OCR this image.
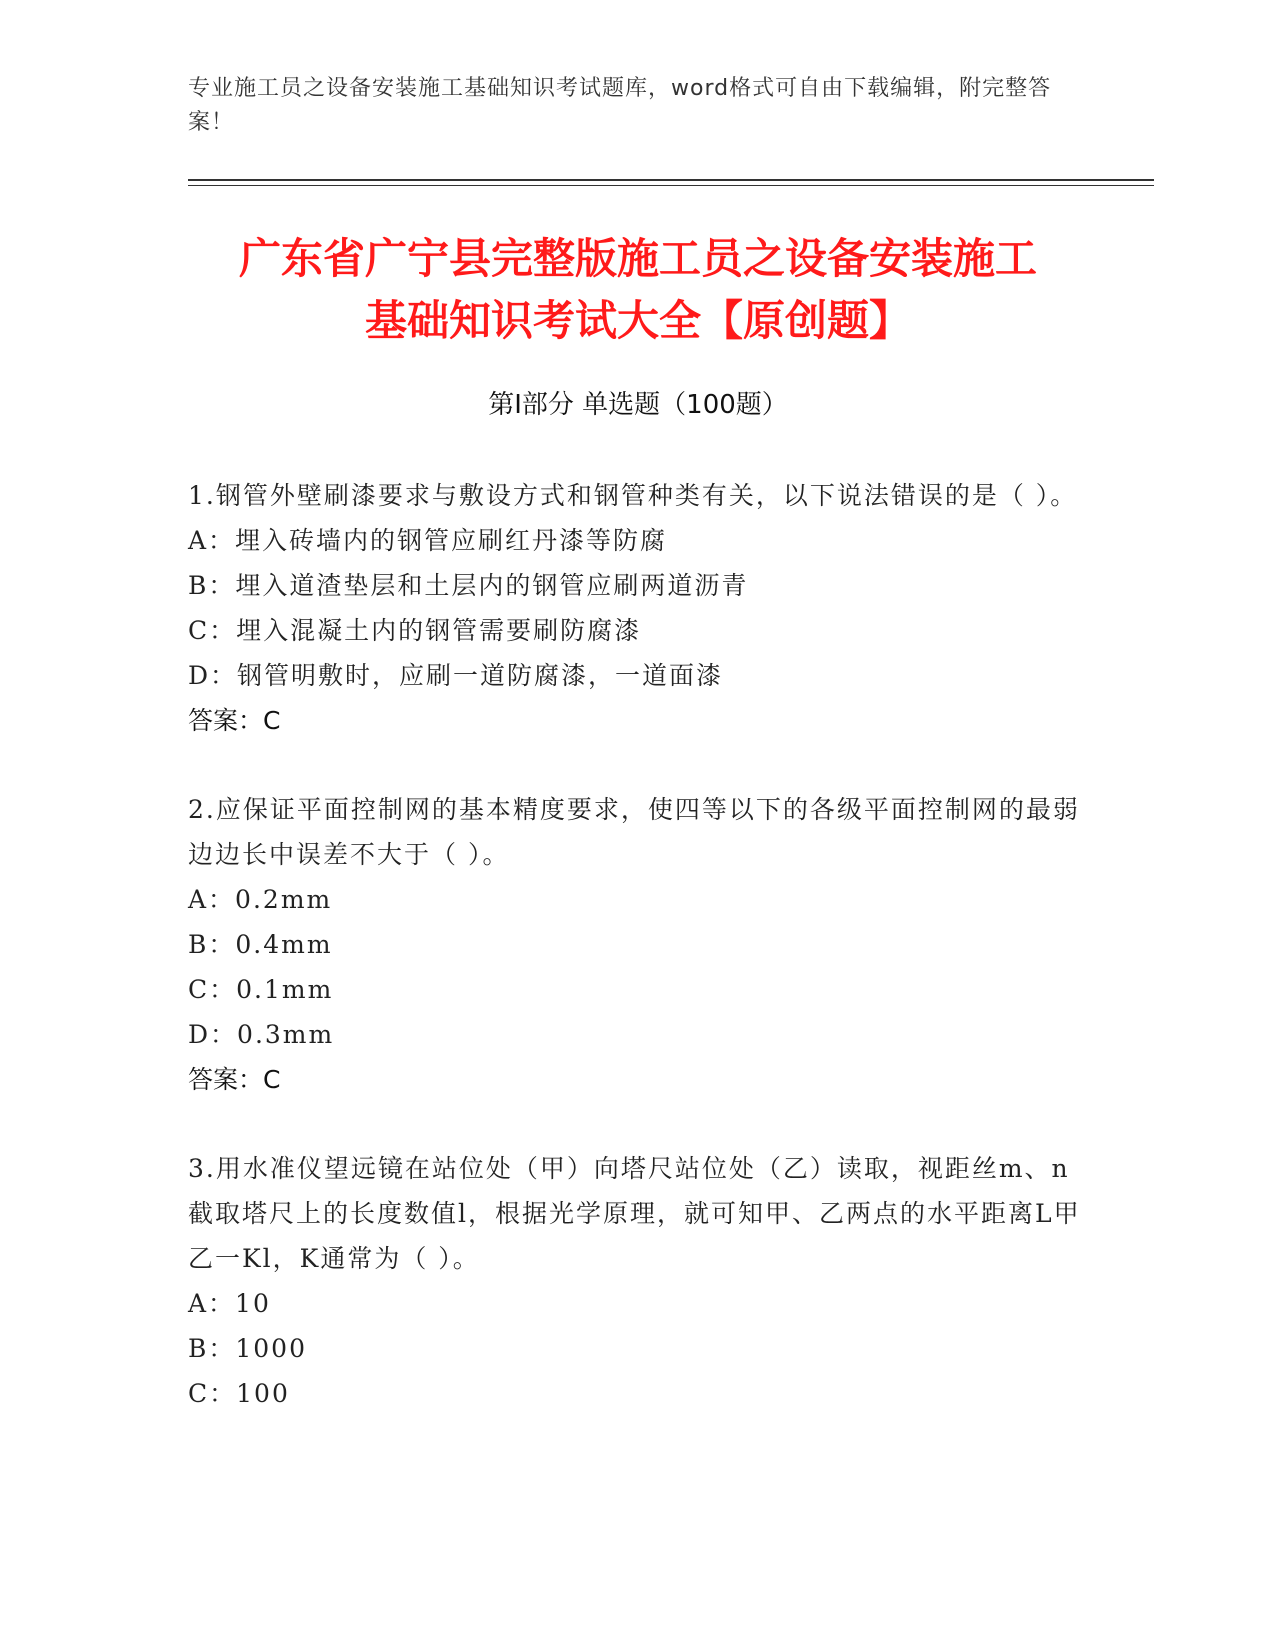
专业施工员之设备安装施工基础知识考试题库，word格式可自由下载编辑，附完整答案！
广东省广宁县完整版施工员之设备安装施工
基础知识考试大全【原创题】
第Ⅰ部分 单选题（100题）

1.钢管外壁刷漆要求与敷设方式和钢管种类有关，以下说法错误的是（ ）。

A：埋入砖墙内的钢管应刷红丹漆等防腐

B：埋入道渣垫层和土层内的钢管应刷两道沥青

C：埋入混凝土内的钢管需要刷防腐漆

D：钢管明敷时，应刷一道防腐漆，一道面漆

答案：C

2.应保证平面控制网的基本精度要求，使四等以下的各级平面控制网的最弱边边长中误差不大于（ ）。

A：0.2mm

B：0.4mm

C：0.1mm

D：0.3mm

答案：C

3.用水准仪望远镜在站位处（甲）向塔尺站位处（乙）读取，视距丝m、n截取塔尺上的长度数值l，根据光学原理，就可知甲、乙两点的水平距离L甲乙一Kl，K通常为（ ）。

A：10

B：1000

C：100
